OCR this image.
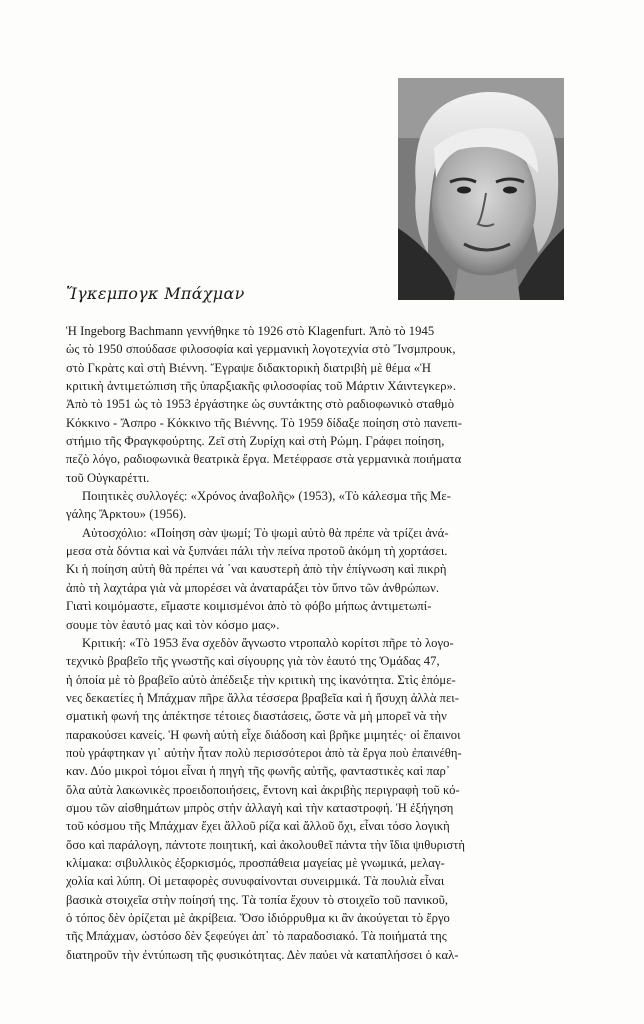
Ἴγκεμπογκ Μπάχμαν
Ἡ Ingeborg Bachmann γεννήθηκε τὸ 1926 στὸ Klagenfurt. Ἀπὸ τὸ 1945
ὡς τὸ 1950 σπούδασε φιλοσοφία καὶ γερμανικὴ λογοτεχνία στὸ Ἴνσμπρουκ,
στὸ Γκρὰτς καὶ στὴ Βιέννη. Ἔγραψε διδακτορικὴ διατριβὴ μὲ θέμα «Ἡ
κριτικὴ ἀντιμετώπιση τῆς ὑπαρξιακῆς φιλοσοφίας τοῦ Μάρτιν Χάιντεγκερ».
Ἀπὸ τὸ 1951 ὡς τὸ 1953 ἐργάστηκε ὡς συντάκτης στὸ ραδιοφωνικὸ σταθμὸ
Κόκκινο - Ἄσπρο - Κόκκινο τῆς Βιέννης. Τὸ 1959 δίδαξε ποίηση στὸ πανεπι-
στήμιο τῆς Φραγκφούρτης. Ζεῖ στὴ Ζυρίχη καὶ στὴ Ρώμη. Γράφει ποίηση,
πεζὸ λόγο, ραδιοφωνικὰ θεατρικὰ ἔργα. Μετέφρασε στὰ γερμανικὰ ποιήματα
τοῦ Οὐγκαρέττι.
Ποιητικὲς συλλογές: «Χρόνος ἀναβολῆς» (1953), «Τὸ κάλεσμα τῆς Με-
γάλης Ἄρκτου» (1956).
Αὐτοσχόλιο: «Ποίηση σὰν ψωμί; Τὸ ψωμὶ αὐτὸ θὰ πρέπε νὰ τρίζει ἀνά-
μεσα στὰ δόντια καὶ νὰ ξυπνάει πάλι τὴν πείνα προτοῦ ἀκόμη τὴ χορτάσει.
Κι ἡ ποίηση αὐτὴ θὰ πρέπει νά ᾽ναι καυστερὴ ἀπὸ τὴν ἐπίγνωση καὶ πικρὴ
ἀπὸ τὴ λαχτάρα γιὰ νὰ μπορέσει νὰ ἀναταράξει τὸν ὕπνο τῶν ἀνθρώπων.
Γιατὶ κοιμόμαστε, εἴμαστε κοιμισμένοι ἀπὸ τὸ φόβο μήπως ἀντιμετωπί-
σουμε τὸν ἑαυτό μας καὶ τὸν κόσμο μας».
Κριτική: «Τὸ 1953 ἕνα σχεδὸν ἄγνωστο ντροπαλὸ κορίτσι πῆρε τὸ λογο-
τεχνικὸ βραβεῖο τῆς γνωστῆς καὶ σίγουρης γιὰ τὸν ἑαυτό της Ὁμάδας 47,
ἡ ὁποία μὲ τὸ βραβεῖο αὐτὸ ἀπέδειξε τὴν κριτικὴ της ἱκανότητα. Στὶς ἑπόμε-
νες δεκαετίες ἡ Μπάχμαν πῆρε ἄλλα τέσσερα βραβεῖα καὶ ἡ ἥσυχη ἀλλὰ πει-
σματικὴ φωνή της ἀπέκτησε τέτοιες διαστάσεις, ὥστε νὰ μὴ μπορεῖ νὰ τὴν
παρακούσει κανείς. Ἡ φωνὴ αὐτὴ εἶχε διάδοση καὶ βρῆκε μιμητές· οἱ ἔπαινοι
ποὺ γράφτηκαν γι᾽ αὐτὴν ἦταν πολὺ περισσότεροι ἀπὸ τὰ ἔργα ποὺ ἐπαινέθη-
καν. Δύο μικροὶ τόμοι εἶναι ἡ πηγὴ τῆς φωνῆς αὐτῆς, φανταστικὲς καὶ παρ᾽
ὅλα αὐτὰ λακωνικὲς προειδοποιήσεις, ἔντονη καὶ ἀκριβὴς περιγραφὴ τοῦ κό-
σμου τῶν αἰσθημάτων μπρὸς στὴν ἀλλαγὴ καὶ τὴν καταστροφή. Ἡ ἐξήγηση
τοῦ κόσμου τῆς Μπάχμαν ἔχει ἄλλοῦ ρίζα καὶ ἄλλοῦ ὄχι, εἶναι τόσο λογικὴ
ὅσο καὶ παράλογη, πάντοτε ποιητική, καὶ ἀκολουθεῖ πάντα τὴν ἴδια ψιθυριστὴ
κλίμακα: σιβυλλικὸς ἐξορκισμός, προσπάθεια μαγείας μὲ γνωμικά, μελαγ-
χολία καὶ λύπη. Οἱ μεταφορὲς συνυφαίνονται συνειρμικά. Τὰ πουλιὰ εἶναι
βασικὰ στοιχεῖα στὴν ποίησή της. Τὰ τοπία ἔχουν τὸ στοιχεῖο τοῦ πανικοῦ,
ὁ τόπος δὲν ὁρίζεται μὲ ἀκρίβεια. Ὅσο ἰδιόρρυθμα κι ἂν ἀκούγεται τὸ ἔργο
τῆς Μπάχμαν, ὡστόσο δὲν ξεφεύγει ἀπ᾽ τὸ παραδοσιακό. Τὰ ποιήματά της
διατηροῦν τὴν ἐντύπωση τῆς φυσικότητας. Δὲν παύει νὰ καταπλήσσει ὁ καλ-
